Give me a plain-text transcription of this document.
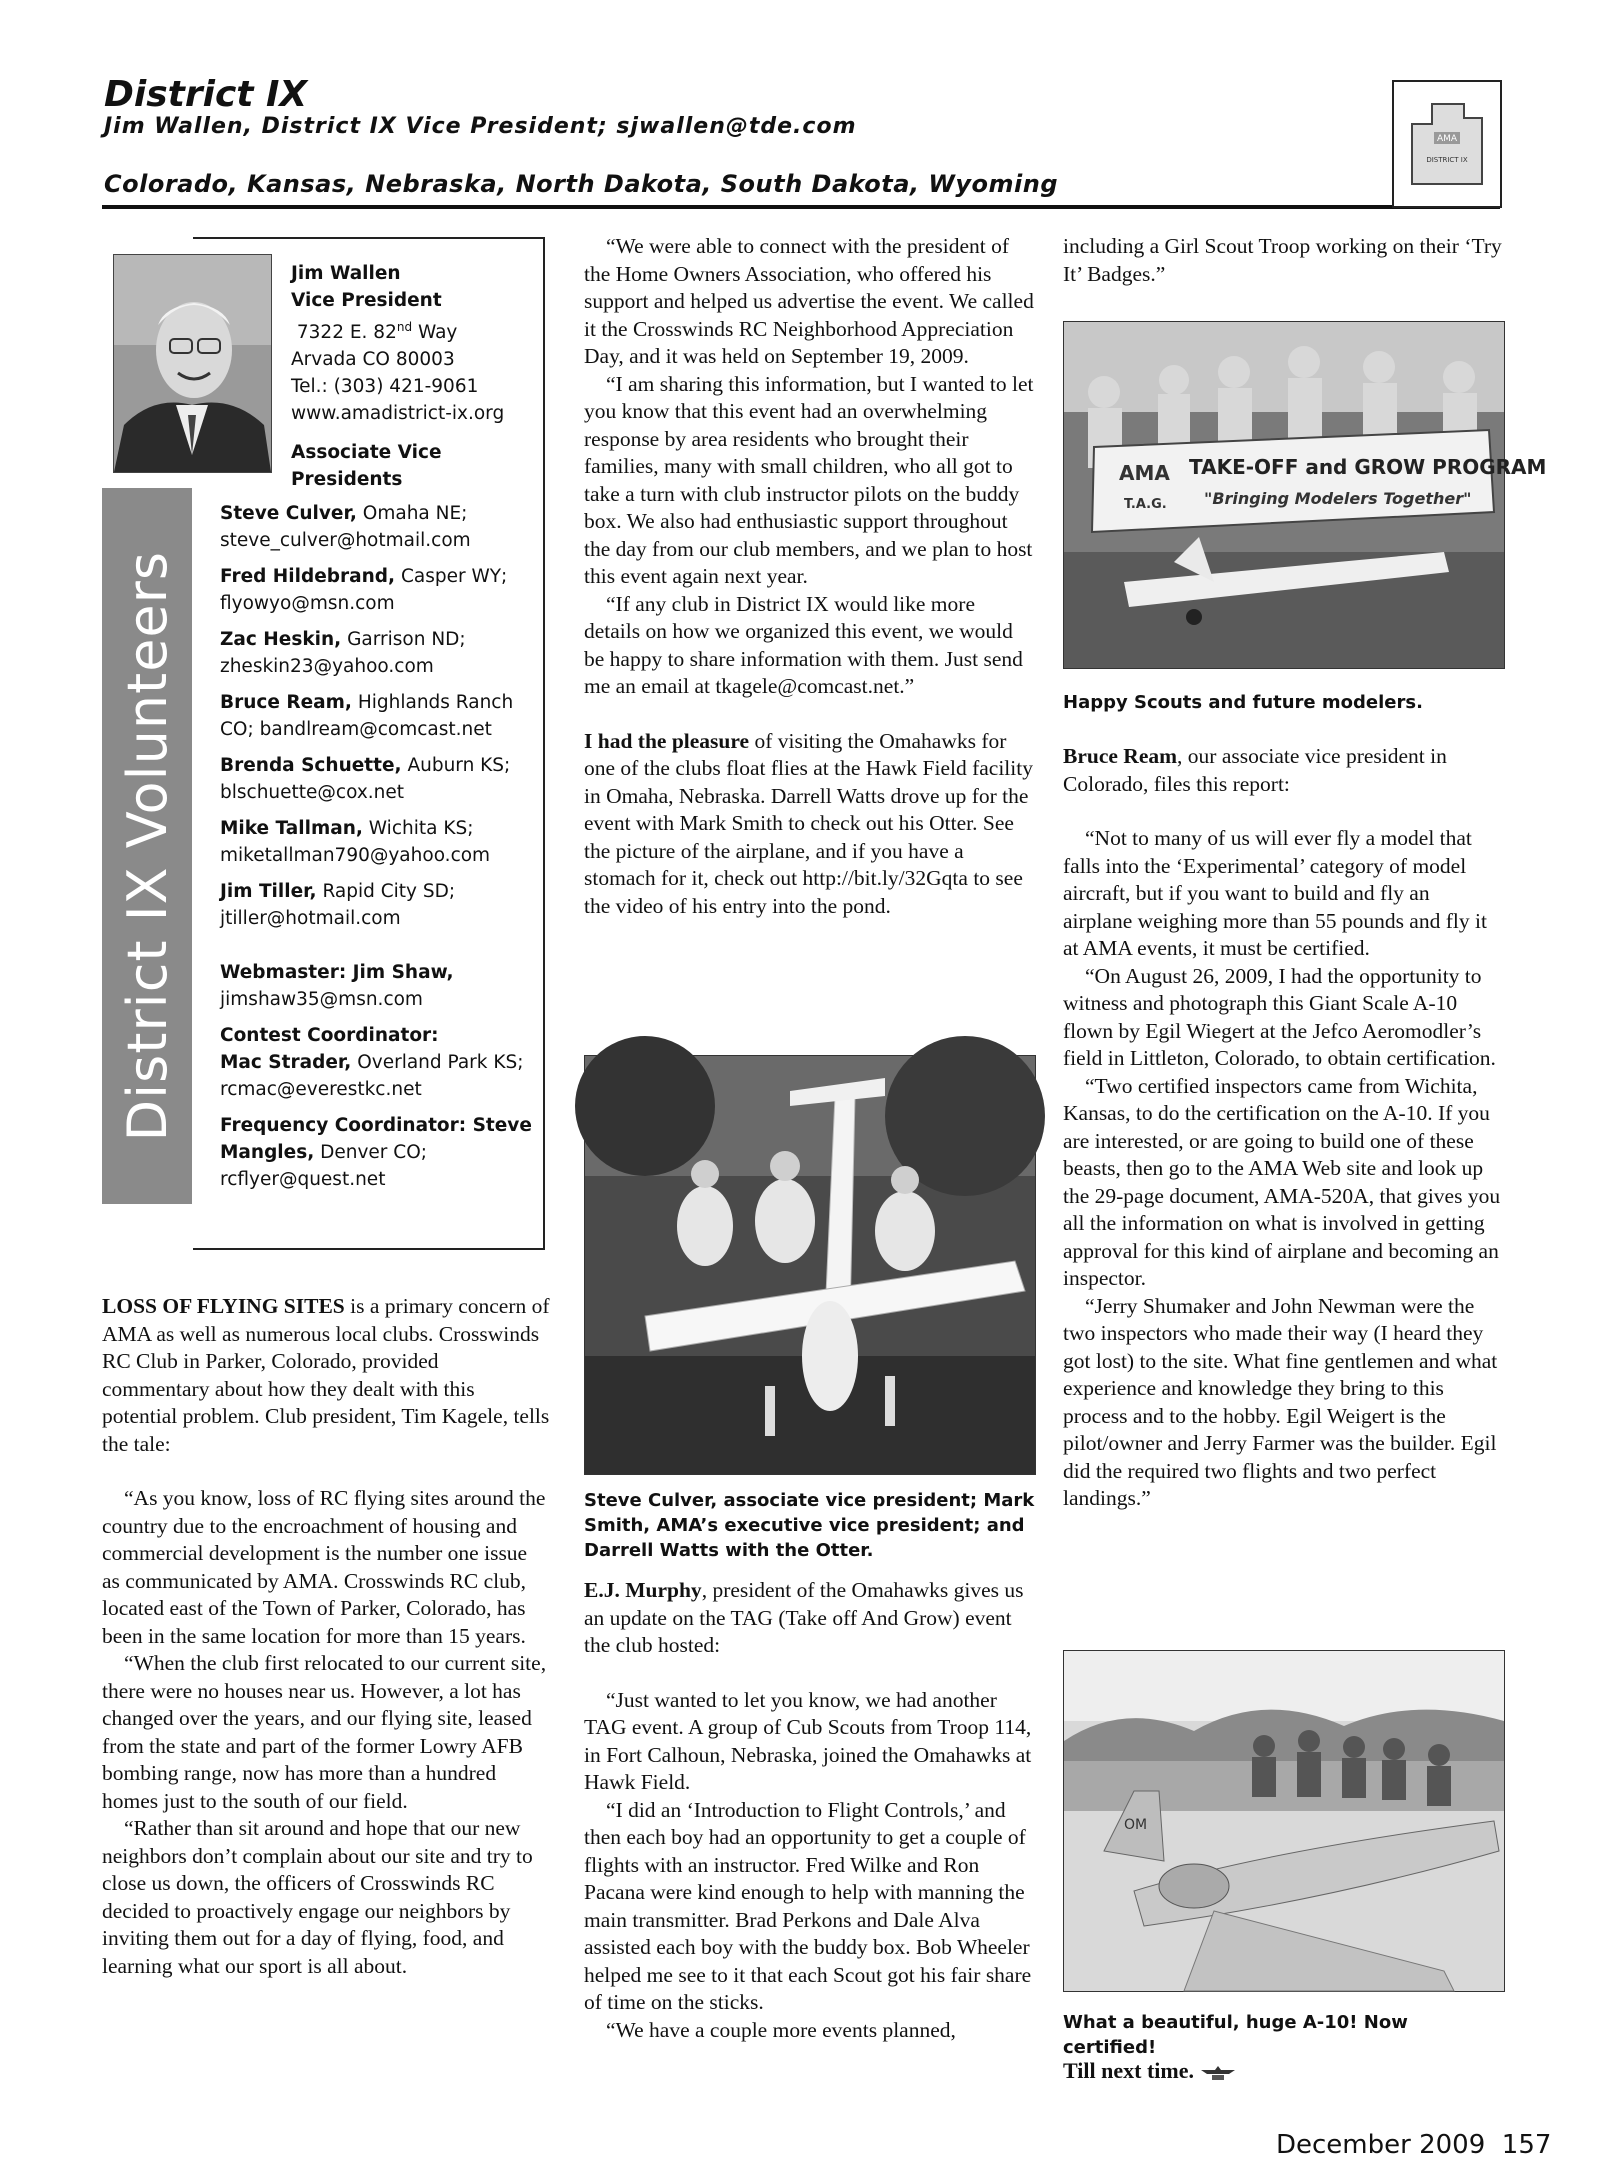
District IX
Jim Wallen, District IX Vice President; sjwallen@tde.com
Colorado, Kansas, Nebraska, North Dakota, South Dakota, Wyoming
AMA
DISTRICT IX
District IX Volunteers
Jim Wallen
Vice President
7322 E. 82nd Way
Arvada CO 80003
Tel.: (303) 421-9061
www.amadistrict-ix.org
Associate Vice Presidents
Steve Culver, Omaha NE;
steve_culver@hotmail.com
Fred Hildebrand, Casper WY;
flyowyo@msn.com
Zac Heskin, Garrison ND;
zheskin23@yahoo.com
Bruce Ream, Highlands Ranch CO; bandlream@comcast.net
Brenda Schuette, Auburn KS;
blschuette@cox.net
Mike Tallman, Wichita KS;
miketallman790@yahoo.com
Jim Tiller, Rapid City SD;
jtiller@hotmail.com
Webmaster: Jim Shaw,
jimshaw35@msn.com
Contest Coordinator:
Mac Strader, Overland Park KS;
rcmac@everestkc.net
Frequency Coordinator: Steve Mangles, Denver CO;
rcflyer@quest.net

LOSS OF FLYING SITES is a primary concern of AMA as well as numerous local clubs. Crosswinds RC Club in Parker, Colorado, provided commentary about how they dealt with this potential problem. Club president, Tim Kagele, tells the tale:

“As you know, loss of RC flying sites around the country due to the encroachment of housing and commercial development is the number one issue as communicated by AMA. Crosswinds RC club, located east of the Town of Parker, Colorado, has been in the same location for more than 15 years.

“When the club first relocated to our current site, there were no houses near us. However, a lot has changed over the years, and our flying site, leased from the state and part of the former Lowry AFB bombing range, now has more than a hundred homes just to the south of our field.

“Rather than sit around and hope that our new neighbors don’t complain about our site and try to close us down, the officers of Crosswinds RC decided to proactively engage our neighbors by inviting them out for a day of flying, food, and learning what our sport is all about.

“We were able to connect with the president of the Home Owners Association, who offered his support and helped us advertise the event. We called it the Crosswinds RC Neighborhood Appreciation Day, and it was held on September 19, 2009.

“I am sharing this information, but I wanted to let you know that this event had an overwhelming response by area residents who brought their families, many with small children, who all got to take a turn with club instructor pilots on the buddy box. We also had enthusiastic support throughout the day from our club members, and we plan to host this event again next year.

“If any club in District IX would like more details on how we organized this event, we would be happy to share information with them. Just send me an email at tkagele@comcast.net.”

I had the pleasure of visiting the Omahawks for one of the clubs float flies at the Hawk Field facility in Omaha, Nebraska. Darrell Watts drove up for the event with Mark Smith to check out his Otter. See the picture of the airplane, and if you have a stomach for it, check out http://bit.ly/32Gqta to see the video of his entry into the pond.

Steve Culver, associate vice president; Mark Smith, AMA’s executive vice president; and Darrell Watts with the Otter.

E.J. Murphy, president of the Omahawks gives us an update on the TAG (Take off And Grow) event the club hosted:

“Just wanted to let you know, we had another TAG event. A group of Cub Scouts from Troop 114, in Fort Calhoun, Nebraska, joined the Omahawks at Hawk Field.

“I did an ‘Introduction to Flight Controls,’ and then each boy had an opportunity to get a couple of flights with an instructor. Fred Wilke and Ron Pacana were kind enough to help with manning the main transmitter. Brad Perkons and Dale Alva assisted each boy with the buddy box. Bob Wheeler helped me see to it that each Scout got his fair share of time on the sticks.

“We have a couple more events planned,

including a Girl Scout Troop working on their ‘Try It’ Badges.”

AMA
T.A.G.
TAKE-OFF and GROW PROGRAM
"Bringing Modelers Together"
Happy Scouts and future modelers.

Bruce Ream, our associate vice president in Colorado, files this report:

“Not to many of us will ever fly a model that falls into the ‘Experimental’ category of model aircraft, but if you want to build and fly an airplane weighing more than 55 pounds and fly it at AMA events, it must be certified.

“On August 26, 2009, I had the opportunity to witness and photograph this Giant Scale A-10 flown by Egil Wiegert at the Jefco Aeromodler’s field in Littleton, Colorado, to obtain certification.

“Two certified inspectors came from Wichita, Kansas, to do the certification on the A-10. If you are interested, or are going to build one of these beasts, then go to the AMA Web site and look up the 29-page document, AMA-520A, that gives you all the information on what is involved in getting approval for this kind of airplane and becoming an inspector.

“Jerry Shumaker and John Newman were the two inspectors who made their way (I heard they got lost) to the site. What fine gentlemen and what experience and knowledge they bring to this process and to the hobby. Egil Weigert is the pilot/owner and Jerry Farmer was the builder. Egil did the required two flights and two perfect landings.”

OM
What a beautiful, huge A-10! Now certified!
Till next time.
December 2009 157
